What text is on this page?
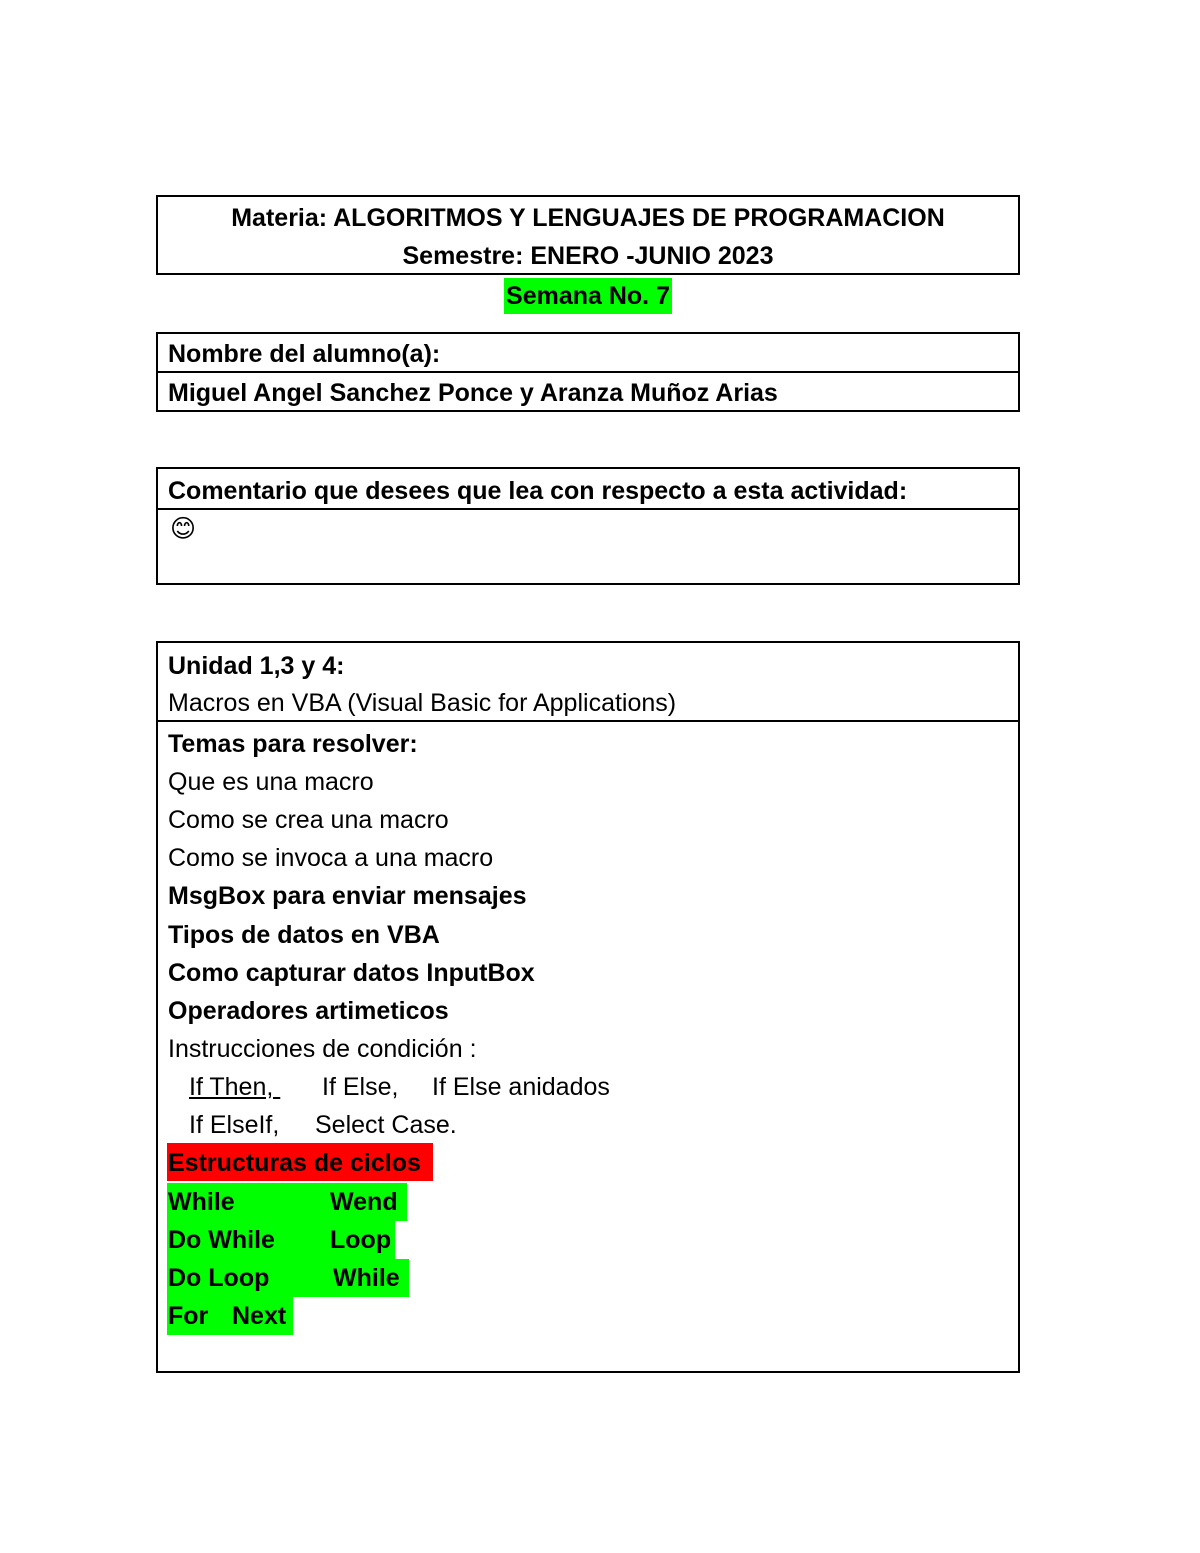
Materia: ALGORITMOS Y LENGUAJES DE PROGRAMACION
Semestre: ENERO -JUNIO 2023
Semana No. 7
Nombre del alumno(a):
Miguel Angel Sanchez Ponce y Aranza Muñoz Arias
Comentario que desees que lea con respecto a esta actividad:
😊
Unidad 1,3 y 4:
Macros en VBA (Visual Basic for Applications)
Temas para resolver:
Que es una macro
Como se crea una macro
Como se invoca a una macro
MsgBox para enviar mensajes
Tipos de datos en VBA
Como capturar datos InputBox
Operadores artimeticos
Instrucciones de condición :
If Then, If Else, If Else anidados
If ElseIf, Select Case.
Estructuras de ciclos
While	Wend
Do While Loop
Do Loop	While
For Next
